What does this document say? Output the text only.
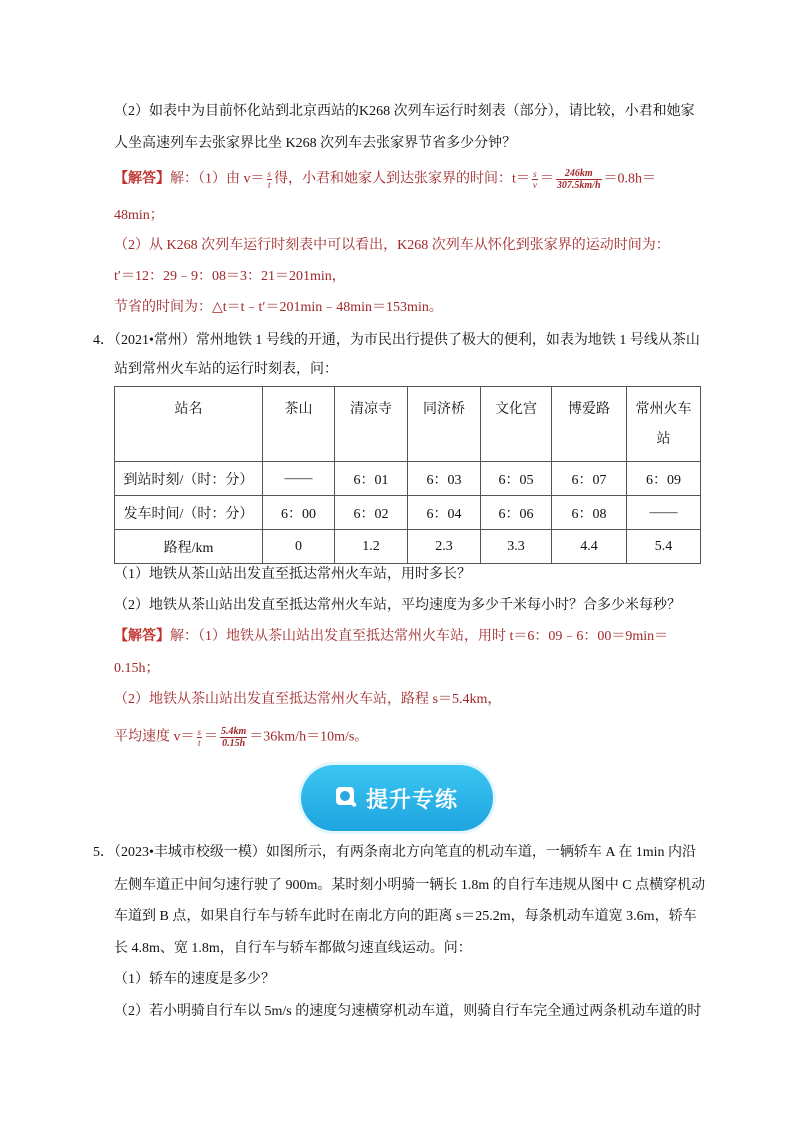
（2）如表中为目前怀化站到北京西站的K268 次列车运行时刻表（部分），请比较，小君和她家
人坐高速列车去张家界比坐 K268 次列车去张家界节省多少分钟？
【解答】解：（1）由 $v= \frac{s}{t}$ 得，小君和她家人到达张家界的时间：$t= \frac{s}{v} = \frac{246km}{307.5km/h} =0.8h=$
48min；
（2）从 K268 次列车运行时刻表中可以看出，K268 次列车从怀化到张家界的运动时间为：
t′＝12：29﹣9：08＝3：21＝201min，
节省的时间为：△t＝t﹣t′＝201min﹣48min＝153min。
4．（2021•常州）常州地铁 1 号线的开通，为市民出行提供了极大的便利，如表为地铁 1 号线从茶山
站到常州火车站的运行时刻表，问：
站名	茶山	清凉寺	同济桥	文化宫	博爱路	常州火车站
到站时刻/（时：分）	——	6：01	6：03	6：05	6：07	6：09
发车时间/（时：分）	6：00	6：02	6：04	6：06	6：08	——
路程/km	0	1.2	2.3	3.3	4.4	5.4
（1）地铁从茶山站出发直至抵达常州火车站，用时多长？
（2）地铁从茶山站出发直至抵达常州火车站，平均速度为多少千米每小时？合多少米每秒？
【解答】解：（1）地铁从茶山站出发直至抵达常州火车站，用时 t＝6：09﹣6：00＝9min＝
0.15h；
（2）地铁从茶山站出发直至抵达常州火车站，路程 s＝5.4km，
平均速度 $v= \frac{s}{t} = \frac{5.4km}{0.15h} =36km/h=10m/s$。
提升专练
5．（2023•丰城市校级一模）如图所示，有两条南北方向笔直的机动车道，一辆轿车 A 在 1min 内沿
左侧车道正中间匀速行驶了 900m。某时刻小明骑一辆长 1.8m 的自行车违规从图中 C 点横穿机动
车道到 B 点，如果自行车与轿车此时在南北方向的距离 s＝25.2m，每条机动车道宽 3.6m，轿车
长 4.8m、宽 1.8m，自行车与轿车都做匀速直线运动。问：
（1）轿车的速度是多少？
（2）若小明骑自行车以 5m/s 的速度匀速横穿机动车道，则骑自行车完全通过两条机动车道的时
